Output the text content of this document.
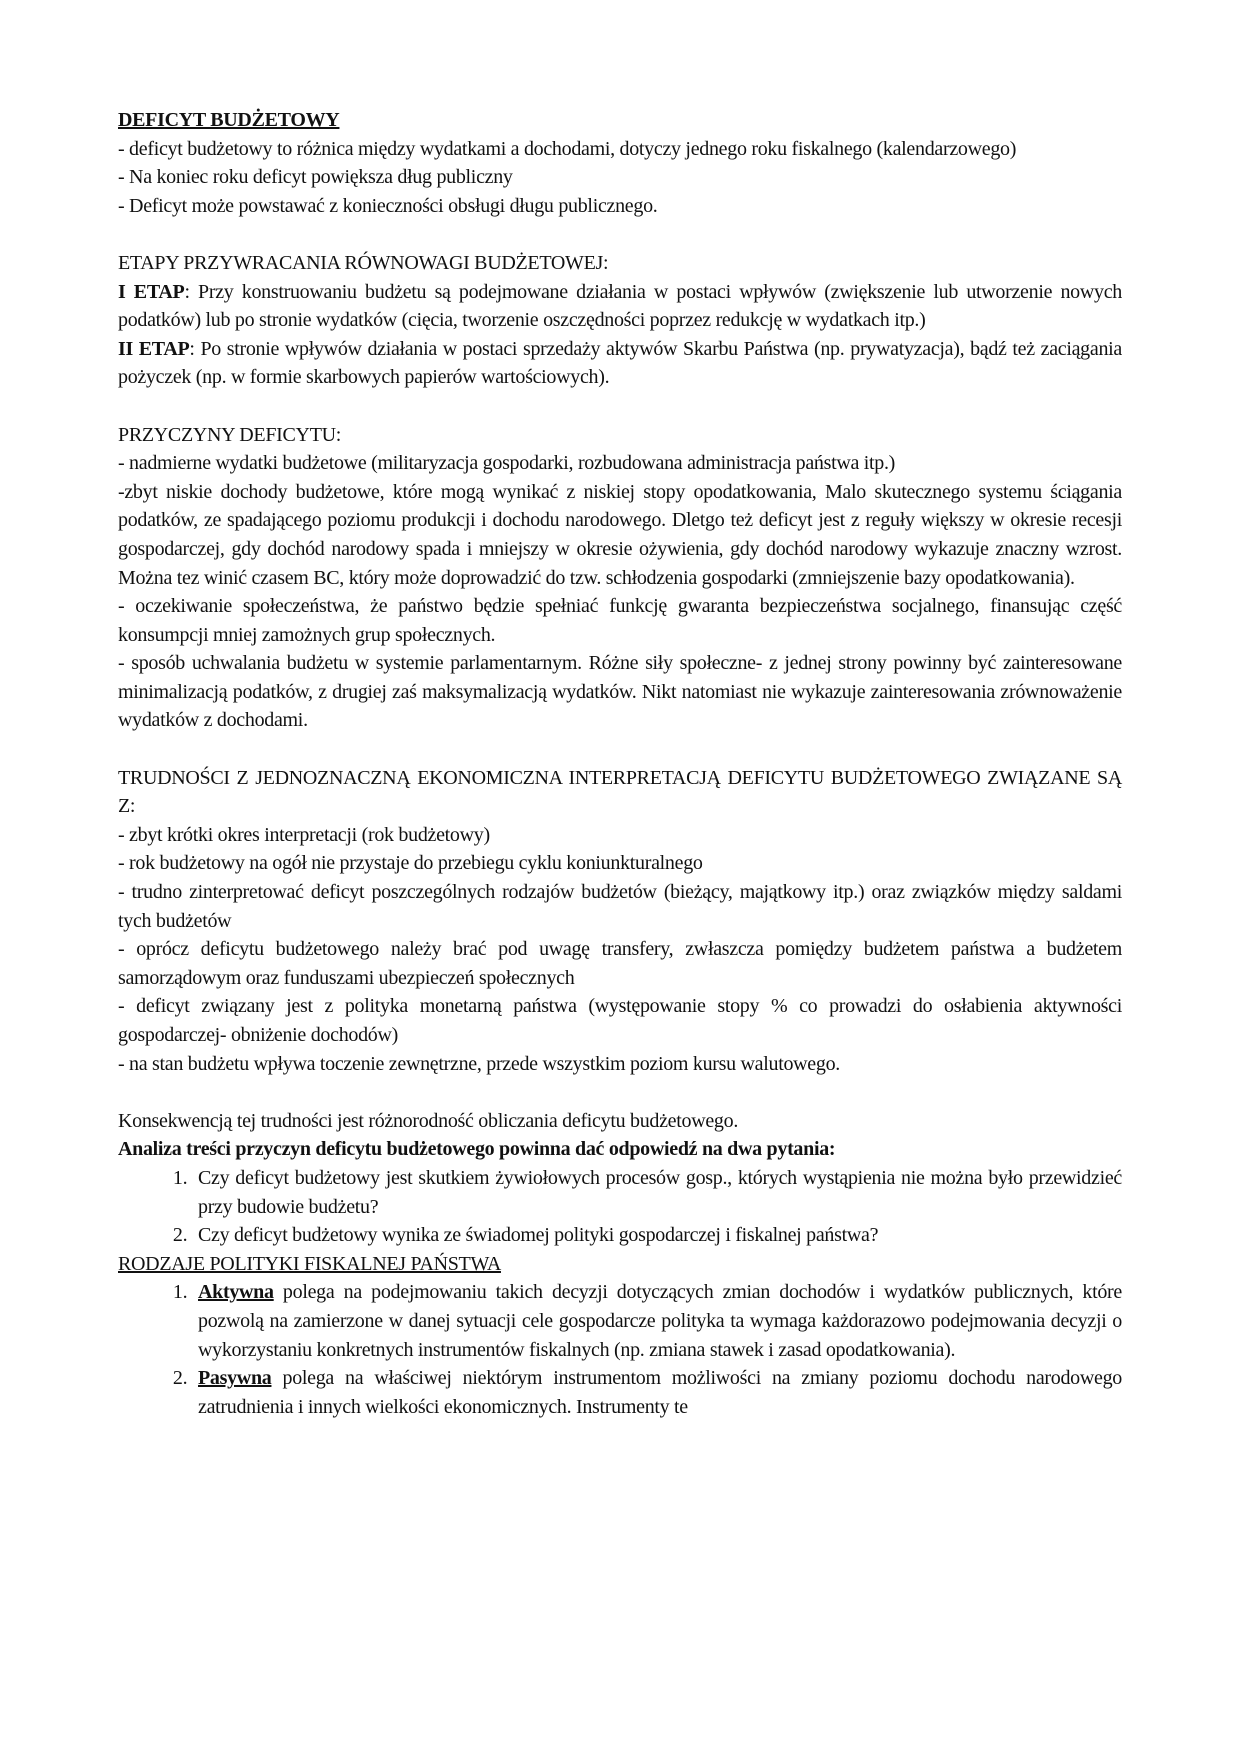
DEFICYT BUDŻETOWY

- deficyt budżetowy to różnica między wydatkami a dochodami, dotyczy jednego roku fiskalnego (kalendarzowego)

- Na koniec roku deficyt powiększa dług publiczny

- Deficyt może powstawać z konieczności obsługi długu publicznego.

ETAPY PRZYWRACANIA RÓWNOWAGI BUDŻETOWEJ:

I ETAP: Przy konstruowaniu budżetu są podejmowane działania w postaci wpływów (zwiększenie lub utworzenie nowych podatków) lub po stronie wydatków (cięcia, tworzenie oszczędności poprzez redukcję w wydatkach itp.)

II ETAP: Po stronie wpływów działania w postaci sprzedaży aktywów Skarbu Państwa (np. prywatyzacja), bądź też zaciągania pożyczek (np. w formie skarbowych papierów wartościowych).

PRZYCZYNY DEFICYTU:

- nadmierne wydatki budżetowe (militaryzacja gospodarki, rozbudowana administracja państwa itp.)

-zbyt niskie dochody budżetowe, które mogą wynikać z niskiej stopy opodatkowania, Malo skutecznego systemu ściągania podatków, ze spadającego poziomu produkcji i dochodu narodowego. Dletgo też deficyt jest z reguły większy w okresie recesji gospodarczej, gdy dochód narodowy spada i mniejszy w okresie ożywienia, gdy dochód narodowy wykazuje znaczny wzrost. Można tez winić czasem BC, który może doprowadzić do tzw. schłodzenia gospodarki (zmniejszenie bazy opodatkowania).

- oczekiwanie społeczeństwa, że państwo będzie spełniać funkcję gwaranta bezpieczeństwa socjalnego, finansując część konsumpcji mniej zamożnych grup społecznych.

- sposób uchwalania budżetu w systemie parlamentarnym. Różne siły społeczne- z jednej strony powinny być zainteresowane minimalizacją podatków, z drugiej zaś maksymalizacją wydatków. Nikt natomiast nie wykazuje zainteresowania zrównoważenie wydatków z dochodami.

TRUDNOŚCI Z JEDNOZNACZNĄ EKONOMICZNA INTERPRETACJĄ DEFICYTU BUDŻETOWEGO ZWIĄZANE SĄ Z:

- zbyt krótki okres interpretacji (rok budżetowy)

- rok budżetowy na ogół nie przystaje do przebiegu cyklu koniunkturalnego

- trudno zinterpretować deficyt poszczególnych rodzajów budżetów (bieżący, majątkowy itp.) oraz związków między saldami tych budżetów

- oprócz deficytu budżetowego należy brać pod uwagę transfery, zwłaszcza pomiędzy budżetem państwa a budżetem samorządowym oraz funduszami ubezpieczeń społecznych

- deficyt związany jest z polityka monetarną państwa (występowanie stopy % co prowadzi do osłabienia aktywności gospodarczej- obniżenie dochodów)

- na stan budżetu wpływa toczenie zewnętrzne, przede wszystkim poziom kursu walutowego.

Konsekwencją tej trudności jest różnorodność obliczania deficytu budżetowego.

Analiza treści przyczyn deficytu budżetowego powinna dać odpowiedź na dwa pytania:

1. Czy deficyt budżetowy jest skutkiem żywiołowych procesów gosp., których wystąpienia nie można było przewidzieć przy budowie budżetu?
2. Czy deficyt budżetowy wynika ze świadomej polityki gospodarczej i fiskalnej państwa?

RODZAJE POLITYKI FISKALNEJ PAŃSTWA

1. Aktywna polega na podejmowaniu takich decyzji dotyczących zmian dochodów i wydatków publicznych, które pozwolą na zamierzone w danej sytuacji cele gospodarcze polityka ta wymaga każdorazowo podejmowania decyzji o wykorzystaniu konkretnych instrumentów fiskalnych (np. zmiana stawek i zasad opodatkowania).
2. Pasywna polega na właściwej niektórym instrumentom możliwości na zmiany poziomu dochodu narodowego zatrudnienia i innych wielkości ekonomicznych. Instrumenty te
